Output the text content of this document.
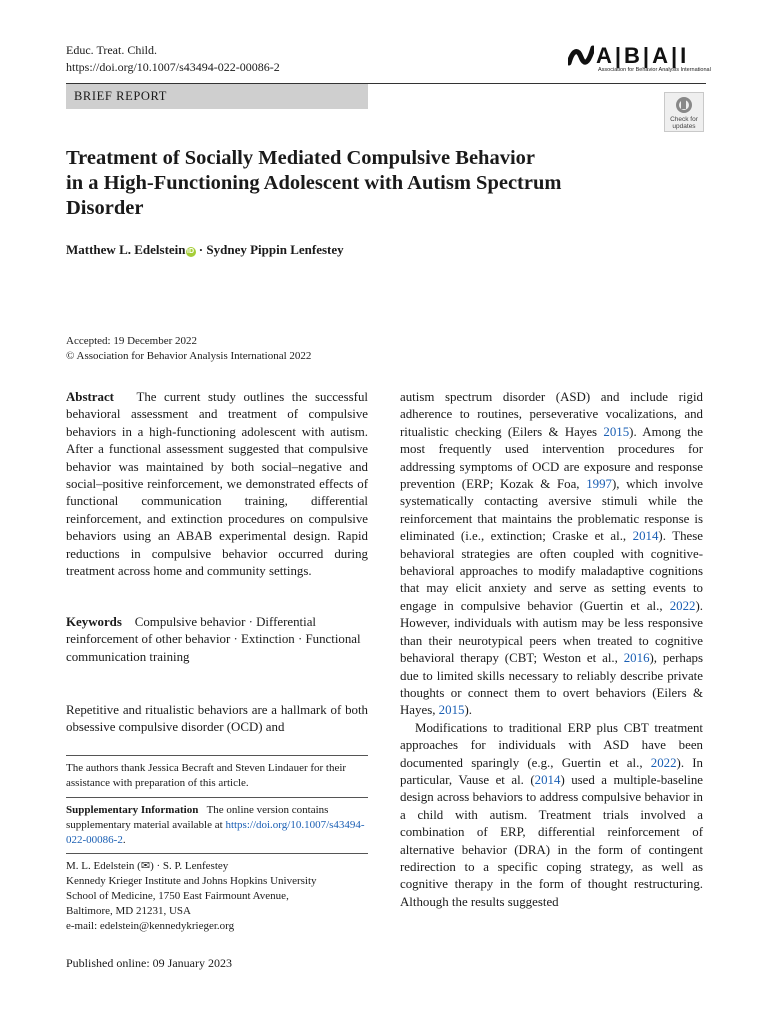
Educ. Treat. Child.
https://doi.org/10.1007/s43494-022-00086-2	A|B|A|I
Association for Behavior Analysis International
BRIEF REPORT
Check for
updates
Treatment of Socially Mediated Compulsive Behavior
in a High-Functioning Adolescent with Autism Spectrum
Disorder
Matthew L. Edelstein iD · Sydney Pippin Lenfestey
Accepted: 19 December 2022
© Association for Behavior Analysis International 2022

Abstract The current study outlines the successful behavioral assessment and treatment of compulsive behaviors in a high-functioning adolescent with autism. After a functional assessment suggested that compulsive behavior was maintained by both social–negative and social–positive reinforcement, we demonstrated effects of functional communication training, differential reinforcement, and extinction procedures on compulsive behaviors using an ABAB experimental design. Rapid reductions in compulsive behavior occurred during treatment across home and community settings.

Keywords Compulsive behavior · Differential reinforcement of other behavior · Extinction · Functional communication training

Repetitive and ritualistic behaviors are a hallmark of both obsessive compulsive disorder (OCD) and

autism spectrum disorder (ASD) and include rigid adherence to routines, perseverative vocalizations, and ritualistic checking (Eilers & Hayes 2015). Among the most frequently used intervention procedures for addressing symptoms of OCD are exposure and response prevention (ERP; Kozak & Foa, 1997), which involve systematically contacting aversive stimuli while the reinforcement that maintains the problematic response is eliminated (i.e., extinction; Craske et al., 2014). These behavioral strategies are often coupled with cognitive-behavioral approaches to modify maladaptive cognitions that may elicit anxiety and serve as setting events to engage in compulsive behavior (Guertin et al., 2022). However, individuals with autism may be less responsive than their neurotypical peers when treated to cognitive behavioral therapy (CBT; Weston et al., 2016), perhaps due to limited skills necessary to reliably describe private thoughts or connect them to overt behaviors (Eilers & Hayes, 2015).

Modifications to traditional ERP plus CBT treatment approaches for individuals with ASD have been documented sparingly (e.g., Guertin et al., 2022). In particular, Vause et al. (2014) used a multiple-baseline design across behaviors to address compulsive behavior in a child with autism. Treatment trials involved a combination of ERP, differential reinforcement of alternative behavior (DRA) in the form of contingent redirection to a specific coping strategy, as well as cognitive therapy in the form of thought restructuring. Although the results suggested

The authors thank Jessica Becraft and Steven Lindauer for their assistance with preparation of this article.

Supplementary Information The online version contains supplementary material available at https://doi.org/10.1007/s43494-022-00086-2.

M. L. Edelstein (✉) · S. P. Lenfestey

Kennedy Krieger Institute and Johns Hopkins University

School of Medicine, 1750 East Fairmount Avenue,

Baltimore, MD 21231, USA

e-mail: edelstein@kennedykrieger.org

Published online: 09 January 2023
